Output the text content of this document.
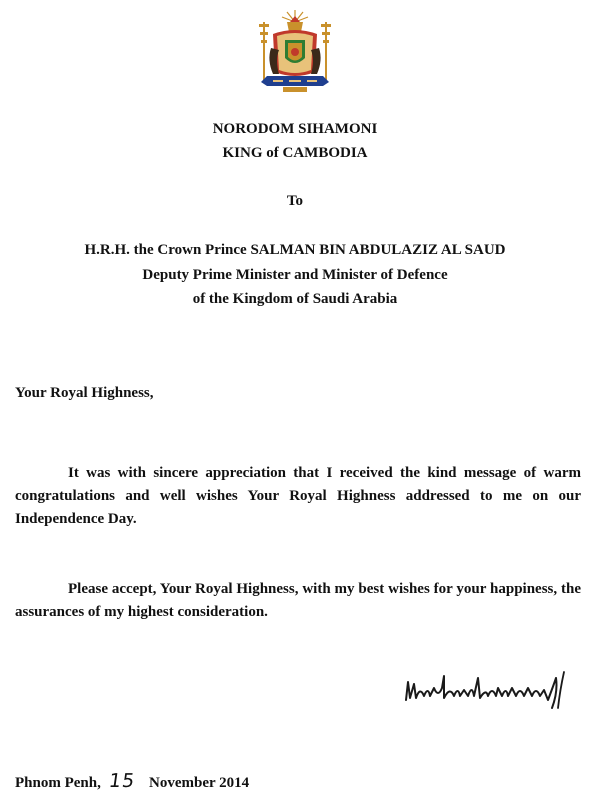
NORODOM SIHAMONI
KING of CAMBODIA
To
H.R.H. the Crown Prince SALMAN BIN ABDULAZIZ AL SAUD
Deputy Prime Minister and Minister of Defence
of the Kingdom of Saudi Arabia
Your Royal Highness,
It was with sincere appreciation that I received the kind message of warm congratulations and well wishes Your Royal Highness addressed to me on our Independence Day.
Please accept, Your Royal Highness, with my best wishes for your happiness, the assurances of my highest consideration.
Phnom Penh, 15 November 2014
